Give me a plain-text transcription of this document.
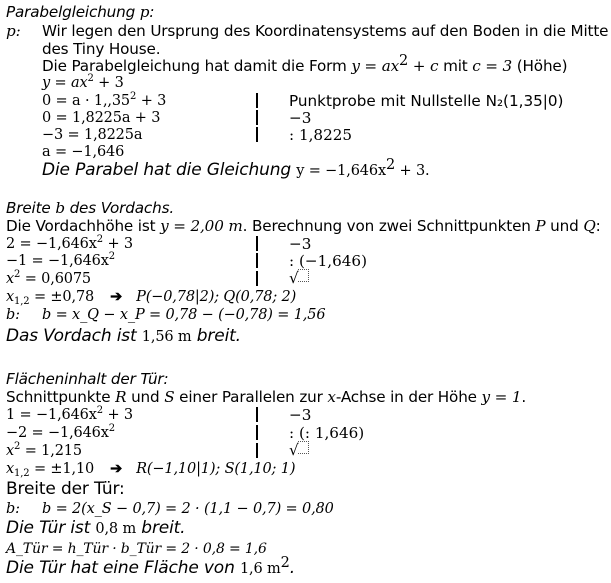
Parabelgleichung p:
p: Wir legen den Ursprung des Koordinatensystems auf den Boden in die Mitte
des Tiny House.
Die Parabelgleichung hat damit die Form $y = ax^2 + c$ mit c = 3 (Höhe)
$y = ax^2 + 3$
$0 = a \cdot 1,,35^2 + 3$	Punktprobe mit Nullstelle N₂(1,35|0)
0 = 1,8225a + 3	−3
−3 = 1,8225a	: 1,8225
a = −1,646
Die Parabel hat die Gleichung $y = -1,646x^2 + 3$.
Breite b des Vordachs.
Die Vordachhöhe ist y = 2,00 m. Berechnung von zwei Schnittpunkten P und Q:
$2 = -1,646x^2 + 3$	−3
$-1 = -1,646x^2$	: (−1,646)
$x^2 = 0,6075$	√
$x_{1,2} = \pm 0,78$ ➔ P(−0,78|2); Q(0,78; 2)
b: b = x_Q − x_P = 0,78 − (−0,78) = 1,56
Das Vordach ist 1,56 m breit.
Flächeninhalt der Tür:
Schnittpunkte R und S einer Parallelen zur x-Achse in der Höhe y = 1.
$1 = -1,646x^2 + 3$	−3
$-2 = -1,646x^2$	: (: 1,646)
$x^2 = 1,215$	√
$x_{1,2} = \pm 1,10$ ➔ R(−1,10|1); S(1,10; 1)
Breite der Tür:
b: b = 2(x_S − 0,7) = 2 · (1,1 − 0,7) = 0,80
Die Tür ist 0,8 m breit.
A_Tür = h_Tür · b_Tür = 2 · 0,8 = 1,6
Die Tür hat eine Fläche von 1,6 $m^2$.
